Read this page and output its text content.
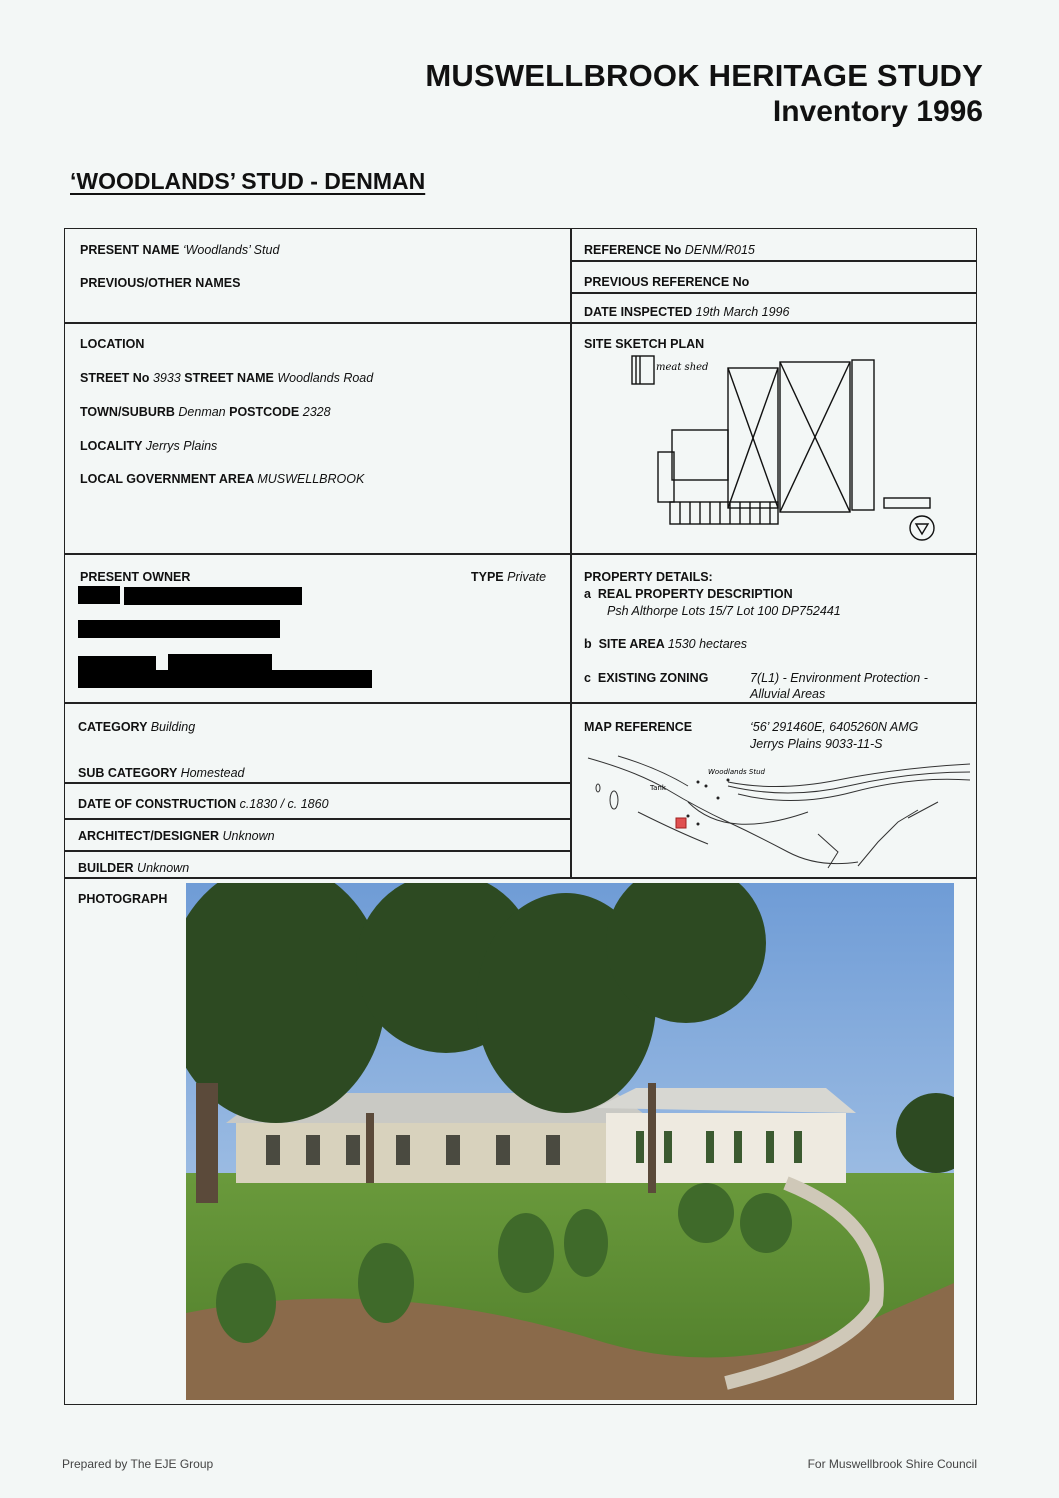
MUSWELLBROOK HERITAGE STUDY
Inventory 1996
‘WOODLANDS’ STUD - DENMAN
PRESENT NAME ‘Woodlands’ Stud
PREVIOUS/OTHER NAMES
REFERENCE No DENM/R015
PREVIOUS REFERENCE No
DATE INSPECTED 19th March 1996
LOCATION
STREET No 3933 STREET NAME Woodlands Road
TOWN/SUBURB Denman POSTCODE 2328
LOCALITY Jerrys Plains
LOCAL GOVERNMENT AREA MUSWELLBROOK
SITE SKETCH PLAN
meat shed
PRESENT OWNER	TYPE Private	PROPERTY DETAILS:
a REAL PROPERTY DESCRIPTION
Psh Althorpe Lots 15/7 Lot 100 DP752441
b SITE AREA 1530 hectares
c EXISTING ZONING	7(L1) - Environment Protection -
Alluvial Areas
CATEGORY Building
SUB CATEGORY Homestead
DATE OF CONSTRUCTION c.1830 / c. 1860
ARCHITECT/DESIGNER Unknown
BUILDER Unknown
MAP REFERENCE	‘56’ 291460E, 6405260N AMG
Jerrys Plains 9033-11-S
Woodlands Stud
Tank
PHOTOGRAPH
Prepared by The EJE Group	For Muswellbrook Shire Council
